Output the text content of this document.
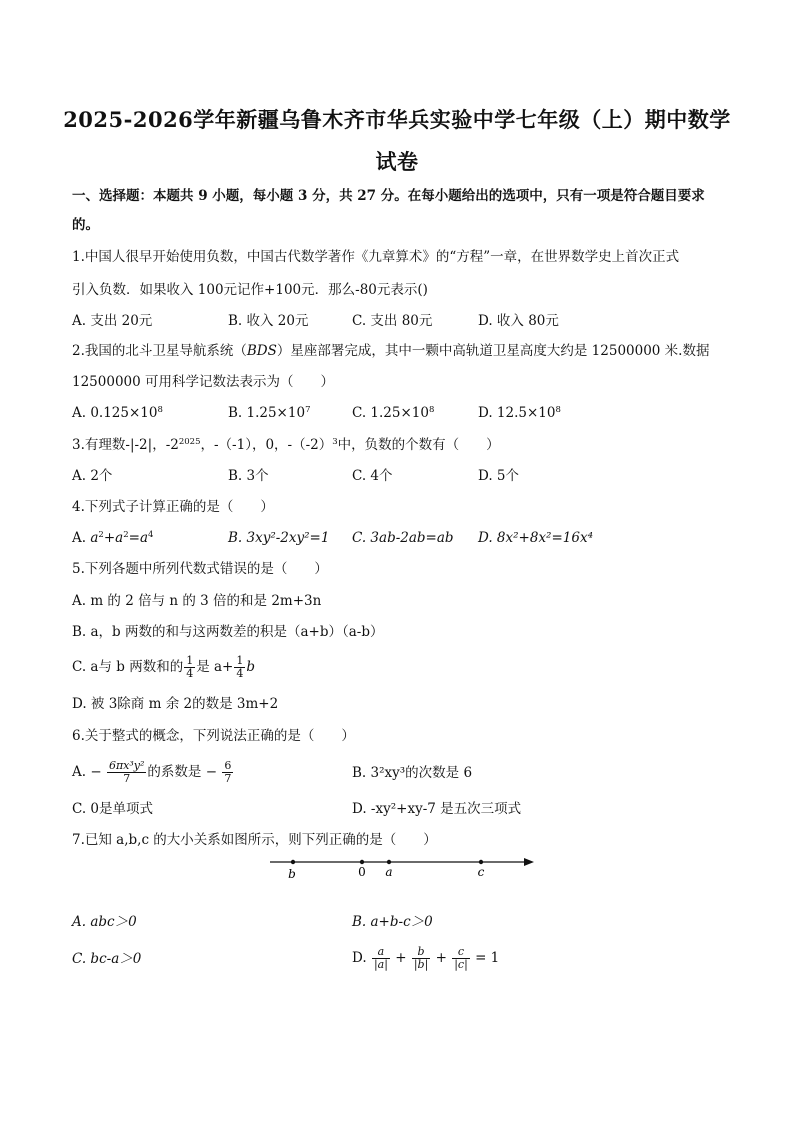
2025-2026学年新疆乌鲁木齐市华兵实验中学七年级（上）期中数学
试卷
一、选择题：本题共 9 小题，每小题 3 分，共 27 分。在每小题给出的选项中，只有一项是符合题目要求
的。
1.中国人很早开始使用负数，中国古代数学著作《九章算术》的“方程”一章，在世界数学史上首次正式
引入负数．如果收入 100元记作+100元．那么-80元表示()
A. 支出 20元	B. 收入 20元	C. 支出 80元	D. 收入 80元
2.我国的北斗卫星导航系统（BDS）星座部署完成，其中一颗中高轨道卫星高度大约是 12500000 米.数据
12500000 可用科学记数法表示为（　　）
A. $0.125\times 10^8$	B. $1.25\times 10^7$	C. $1.25\times 10^8$	D. $12.5\times 10^8$
3.有理数-|-2|，$-2^{2025}$，-（-1），0，$-(-2)^3$中，负数的个数有（　　）
A. 2个	B. 3个	C. 4个	D. 5个
4.下列式子计算正确的是（　　）
A. $a^2+a^2=a^4$	B. 3xy²-2xy²=1 C. 3ab-2ab=ab D. 8x²+8x²=16x⁴
5.下列各题中所列代数式错误的是（　　）
A. m 的 2 倍与 n 的 3 倍的和是 2m+3n
B. a，b 两数的和与这两数差的积是（a+b）（a-b）
C. a与 b 两数和的 $\frac{1}{4}$ 是 $a+ \frac{1}{4}$ b
D. 被 3除商 m 余 2的数是 3m+2
6.关于整式的概念，下列说法正确的是（　　）
A. − $\frac{\text{6πx³y²}}{7}$ 的系数是 − $\frac{6}{7}$	B. 3²xy³的次数是 6
C. 0是单项式	D. -xy²+xy-7 是五次三项式
7.已知 a,b,c 的大小关系如图所示，则下列正确的是（　　）
b	0 a	c
A. abc＞0	B. a+b-c＞0
C. bc-a＞0	D. $\frac{a}{|a|} + \frac{b}{|b|} + \frac{c}{|c|} = 1$
